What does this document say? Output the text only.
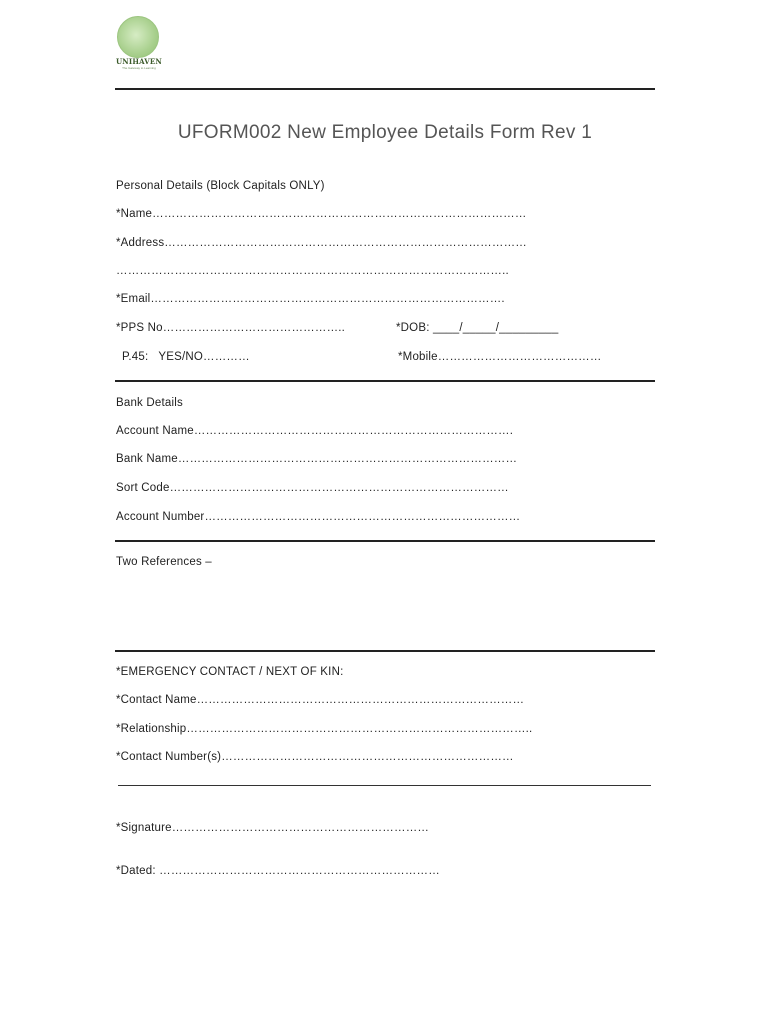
UNIHAVEN
The Gateway to Learning
UFORM002 New Employee Details Form Rev 1
Personal Details (Block Capitals ONLY)
*Name……………………………………………………………………………………
*Address…………………………………………………………………………………
………………………………………………………………………………………..
*Email……………………………………………………………………………….
*PPS No………………………………………..	*DOB: ____/_____/_________
P.45:   YES/NO…………	*Mobile……………………………………
Bank Details
Account Name……………………………………………………………………….
Bank Name……………………………………………………………………………
Sort Code……………………………………………………………………………
Account Number………………………………………………………………………
Two References –
*EMERGENCY CONTACT / NEXT OF KIN:
*Contact Name…………………………………………………………………………
*Relationship……………………………………………………………………………..
*Contact Number(s)…………………………………………………………………
*Signature…………………………………………………………
*Dated: ………………………………………………………………
